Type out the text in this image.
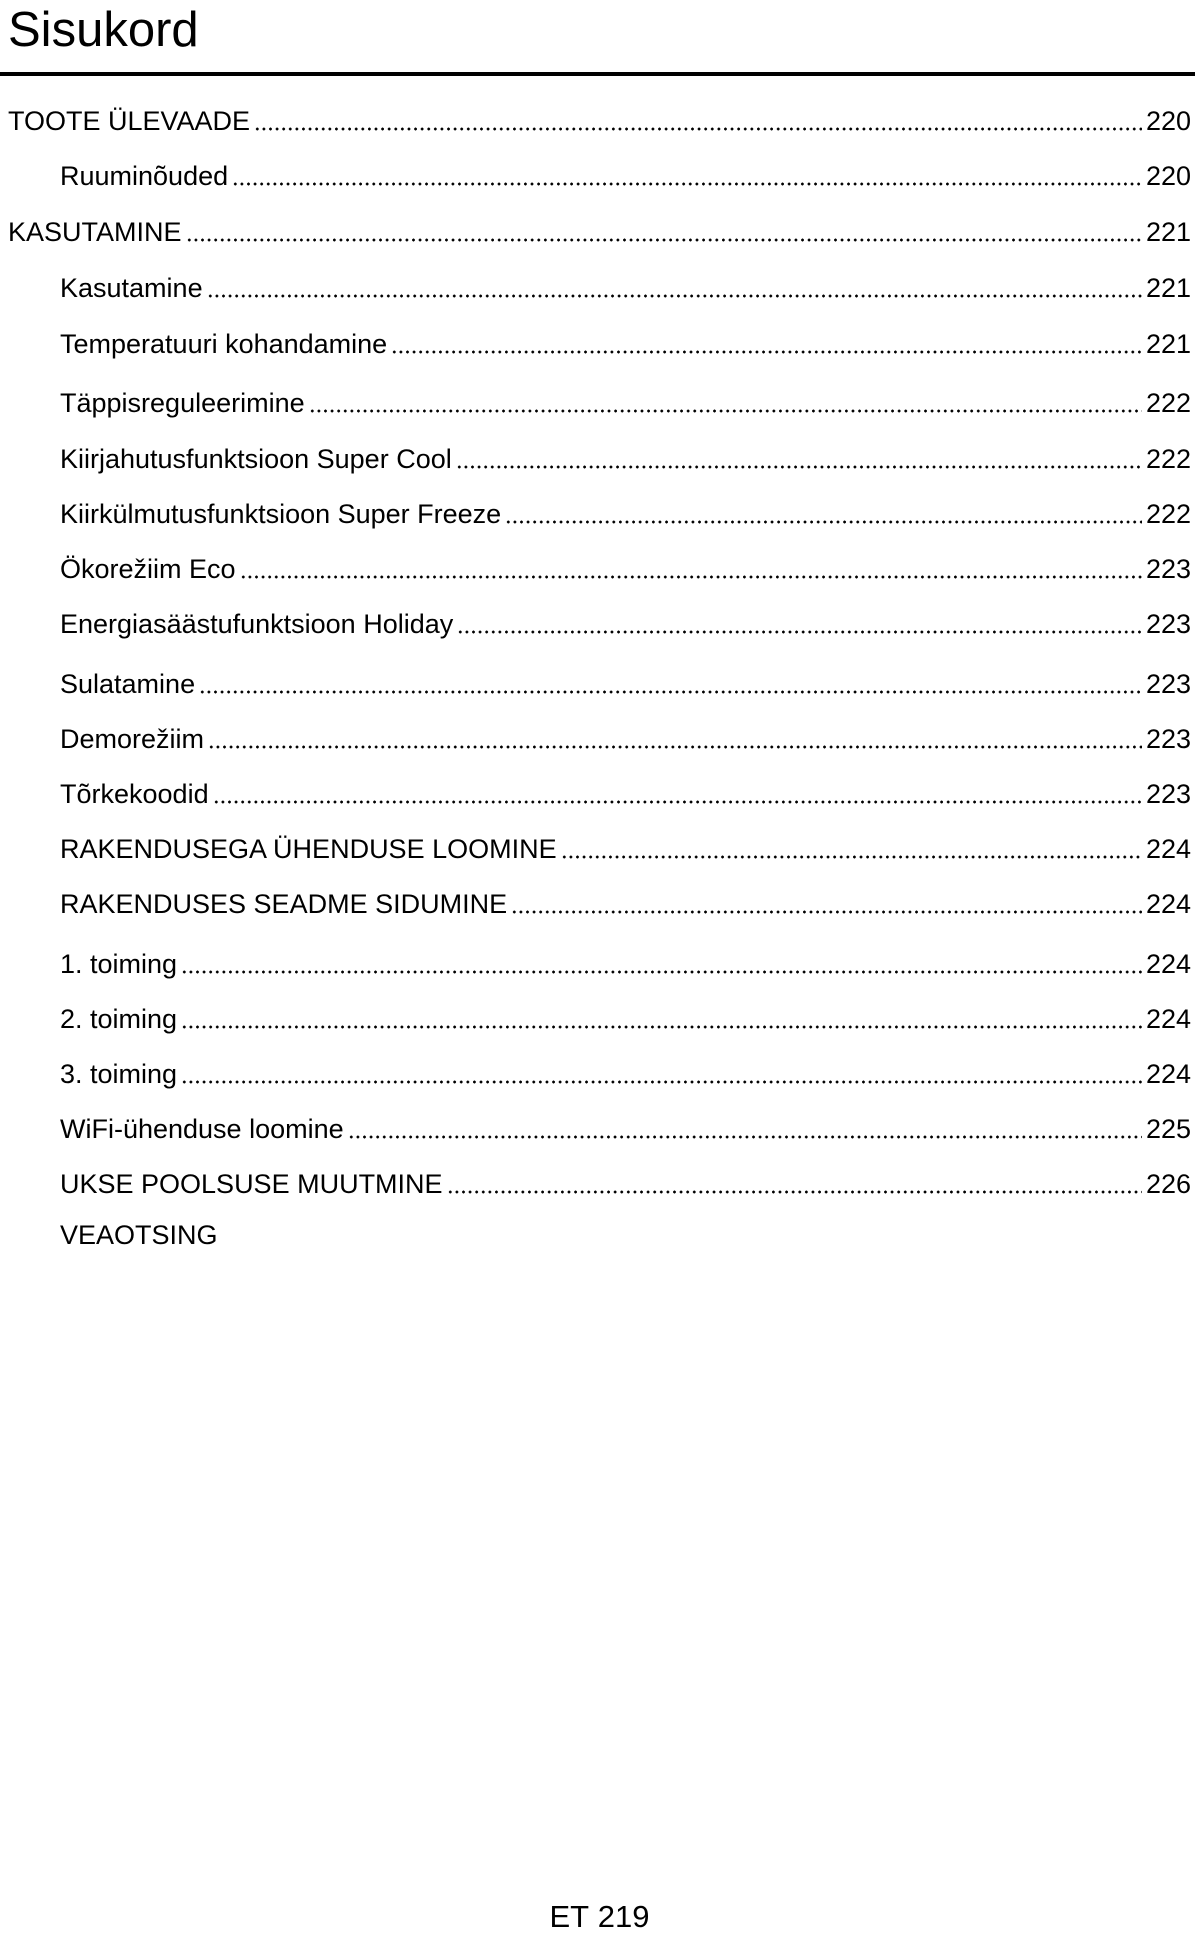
Sisukord
TOOTE ÜLEVAADE	220
Ruuminõuded	220
KASUTAMINE	221
Kasutamine	221
Temperatuuri kohandamine	221
Täppisreguleerimine	222
Kiirjahutusfunktsioon Super Cool	222
Kiirkülmutusfunktsioon Super Freeze	222
Ökorežiim Eco	223
Energiasäästufunktsioon Holiday	223
Sulatamine	223
Demorežiim	223
Tõrkekoodid	223
RAKENDUSEGA ÜHENDUSE LOOMINE	224
RAKENDUSES SEADME SIDUMINE	224
1. toiming	224
2. toiming	224
3. toiming	224
WiFi-ühenduse loomine	225
UKSE POOLSUSE MUUTMINE	226
VEAOTSING
ET 219
